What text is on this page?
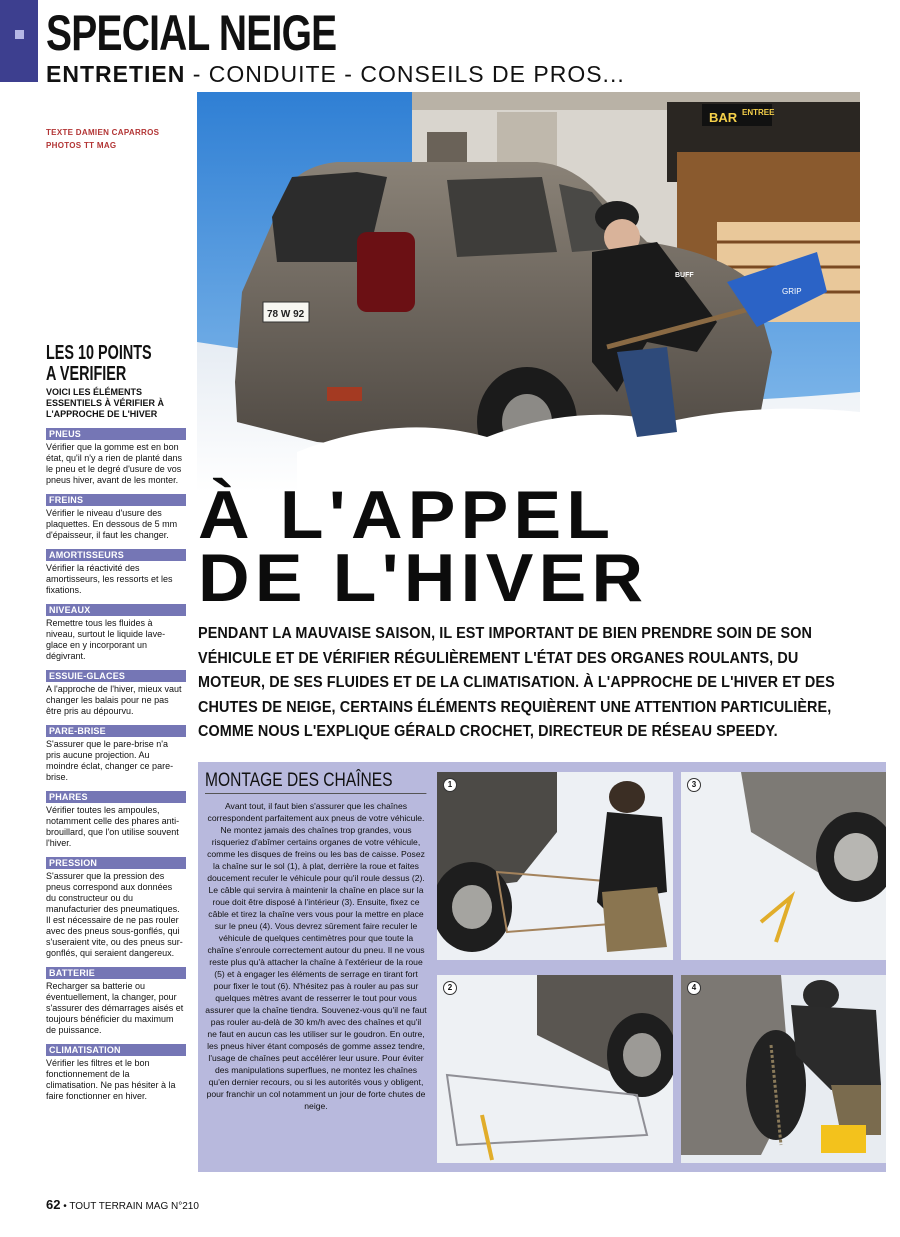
SPECIAL NEIGE
ENTRETIEN - CONDUITE - CONSEILS DE PROS...
TEXTE DAMIEN CAPARROS
PHOTOS TT MAG
BAR ENTREE
78 W 92
BUFF
GRIP
LES 10 POINTS
A VERIFIER
VOICI LES ÉLÉMENTS ESSENTIELS À VÉRIFIER À L'APPROCHE DE L'HIVER
PNEUS
Vérifier que la gomme est en bon état, qu'il n'y a rien de planté dans le pneu et le degré d'usure de vos pneus hiver, avant de les monter.
FREINS
Vérifier le niveau d'usure des plaquettes. En dessous de 5 mm d'épaisseur, il faut les changer.
AMORTISSEURS
Vérifier la réactivité des amortisseurs, les ressorts et les fixations.
NIVEAUX
Remettre tous les fluides à niveau, surtout le liquide lave-glace en y incorporant un dégivrant.
ESSUIE-GLACES
A l'approche de l'hiver, mieux vaut changer les balais pour ne pas être pris au dépourvu.
PARE-BRISE
S'assurer que le pare-brise n'a pris aucune projection. Au moindre éclat, changer ce pare-brise.
PHARES
Vérifier toutes les ampoules, notamment celle des phares anti-brouillard, que l'on utilise souvent l'hiver.
PRESSION
S'assurer que la pression des pneus correspond aux données du constructeur ou du manufacturier des pneumatiques. Il est nécessaire de ne pas rouler avec des pneus sous-gonflés, qui s'useraient vite, ou des pneus sur-gonflés, qui seraient dangereux.
BATTERIE
Recharger sa batterie ou éventuellement, la changer, pour s'assurer des démarrages aisés et toujours bénéficier du maximum de puissance.
CLIMATISATION
Vérifier les filtres et le bon fonctionnement de la climatisation. Ne pas hésiter à la faire fonctionner en hiver.
À L'APPEL
DE L'HIVER
PENDANT LA MAUVAISE SAISON, IL EST IMPORTANT DE BIEN PRENDRE SOIN DE SON VÉHICULE ET DE VÉRIFIER RÉGULIÈREMENT L'ÉTAT DES ORGANES ROULANTS, DU MOTEUR, DE SES FLUIDES ET DE LA CLIMATISATION. À L'APPROCHE DE L'HIVER ET DES CHUTES DE NEIGE, CERTAINS ÉLÉMENTS REQUIÈRENT UNE ATTENTION PARTICULIÈRE, COMME NOUS L'EXPLIQUE GÉRALD CROCHET, DIRECTEUR DE RÉSEAU SPEEDY.
MONTAGE DES CHAÎNES
Avant tout, il faut bien s'assurer que les chaînes correspondent parfaitement aux pneus de votre véhicule. Ne montez jamais des chaînes trop grandes, vous risqueriez d'abîmer certains organes de votre véhicule, comme les disques de freins ou les bas de caisse. Posez la chaîne sur le sol (1), à plat, derrière la roue et faites doucement reculer le véhicule pour qu'il roule dessus (2). Le câble qui servira à maintenir la chaîne en place sur la roue doit être disposé à l'intérieur (3). Ensuite, fixez ce câble et tirez la chaîne vers vous pour la mettre en place sur le pneu (4). Vous devrez sûrement faire reculer le véhicule de quelques centimètres pour que toute la chaîne s'enroule correctement autour du pneu. Il ne vous reste plus qu'à attacher la chaîne à l'extérieur de la roue (5) et à engager les éléments de serrage en tirant fort pour fixer le tout (6). N'hésitez pas à rouler au pas sur quelques mètres avant de resserrer le tout pour vous assurer que la chaîne tiendra. Souvenez-vous qu'il ne faut pas rouler au-delà de 30 km/h avec des chaînes et qu'il ne faut en aucun cas les utiliser sur le goudron. En outre, les pneus hiver étant composés de gomme assez tendre, l'usage de chaînes peut accélérer leur usure. Pour éviter des manipulations superflues, ne montez les chaînes qu'en dernier recours, ou si les autorités vous y obligent, pour franchir un col notamment un jour de forte chutes de neige.
1	3
2	4
62 • TOUT TERRAIN MAG N°210
